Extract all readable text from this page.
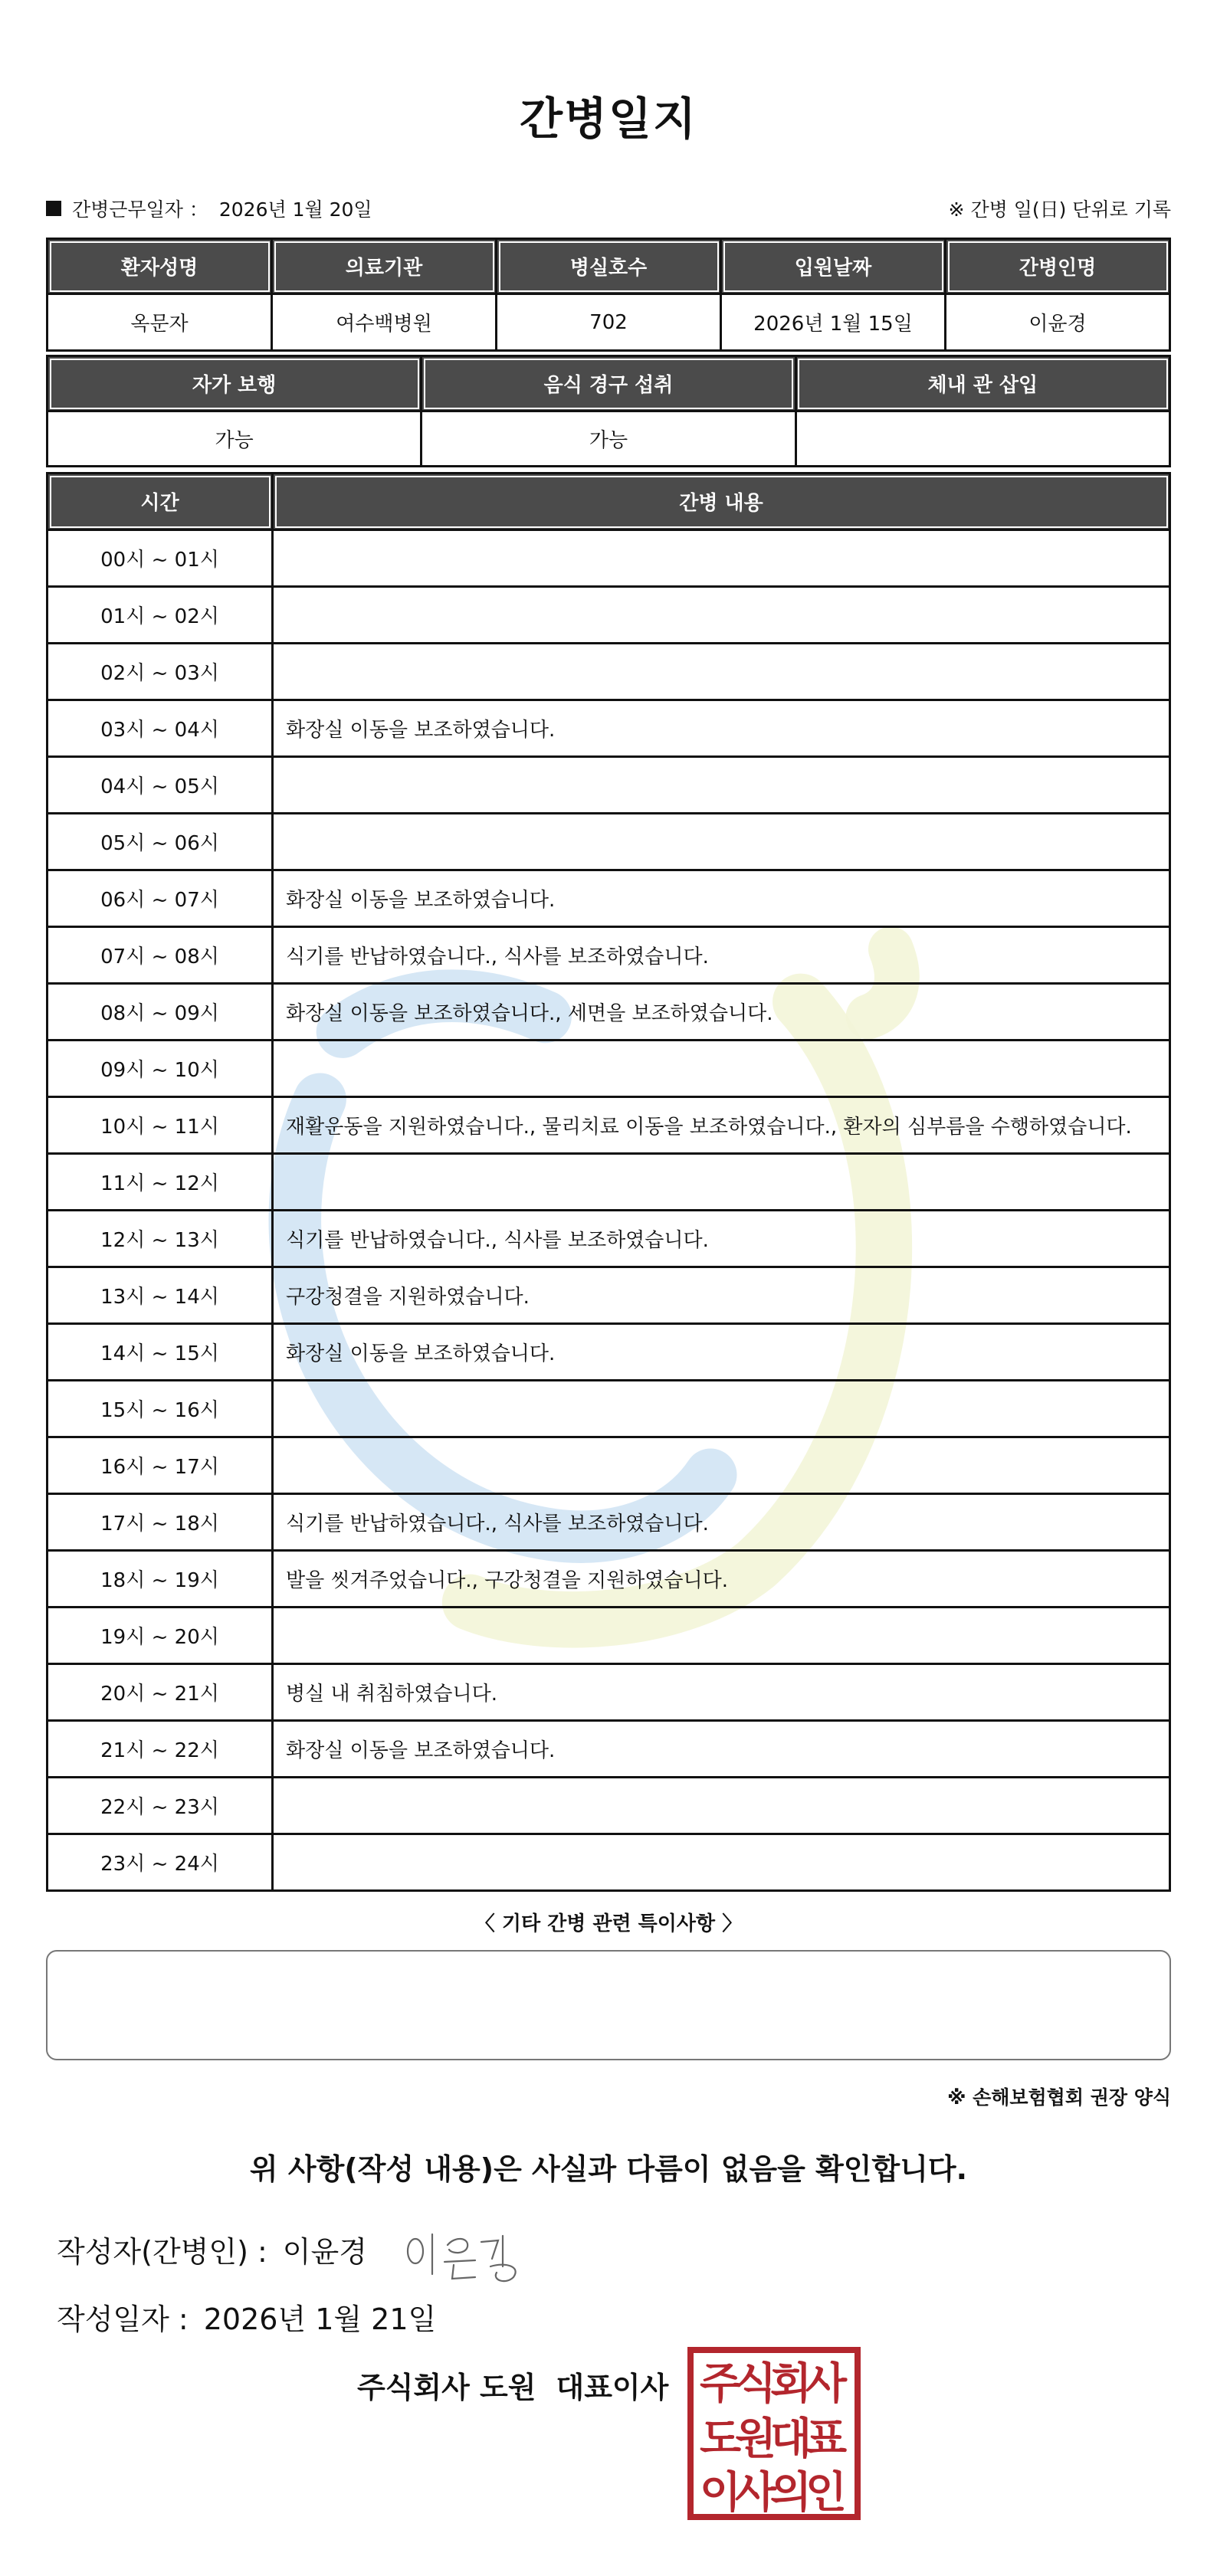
간병일지
간병근무일자 ： 2026년 1월 20일	※ 간병 일(日) 단위로 기록
환자성명	의료기관	병실호수	입원날짜	간병인명
옥문자	여수백병원	702	2026년 1월 15일	이윤경
자가 보행	음식 경구 섭취	체내 관 삽입
가능	가능	
시간	간병 내용
00시 ~ 01시	
01시 ~ 02시	
02시 ~ 03시	
03시 ~ 04시	화장실 이동을 보조하였습니다.
04시 ~ 05시	
05시 ~ 06시	
06시 ~ 07시	화장실 이동을 보조하였습니다.
07시 ~ 08시	식기를 반납하였습니다., 식사를 보조하였습니다.
08시 ~ 09시	화장실 이동을 보조하였습니다., 세면을 보조하였습니다.
09시 ~ 10시	
10시 ~ 11시	재활운동을 지원하였습니다., 물리치료 이동을 보조하였습니다., 환자의 심부름을 수행하였습니다.
11시 ~ 12시	
12시 ~ 13시	식기를 반납하였습니다., 식사를 보조하였습니다.
13시 ~ 14시	구강청결을 지원하였습니다.
14시 ~ 15시	화장실 이동을 보조하였습니다.
15시 ~ 16시	
16시 ~ 17시	
17시 ~ 18시	식기를 반납하였습니다., 식사를 보조하였습니다.
18시 ~ 19시	발을 씻겨주었습니다., 구강청결을 지원하였습니다.
19시 ~ 20시	
20시 ~ 21시	병실 내 취침하였습니다.
21시 ~ 22시	화장실 이동을 보조하였습니다.
22시 ~ 23시	
23시 ~ 24시	
〈 기타 간병 관련 특이사항 〉
※ 손해보험협회 권장 양식
위 사항(작성 내용)은 사실과 다름이 없음을 확인합니다.
작성자(간병인) : 이윤경
작성일자 : 2026년 1월 21일
주식회사 도원 대표이사 주
식
회
사
도
원
대
표
이
사
의
인
